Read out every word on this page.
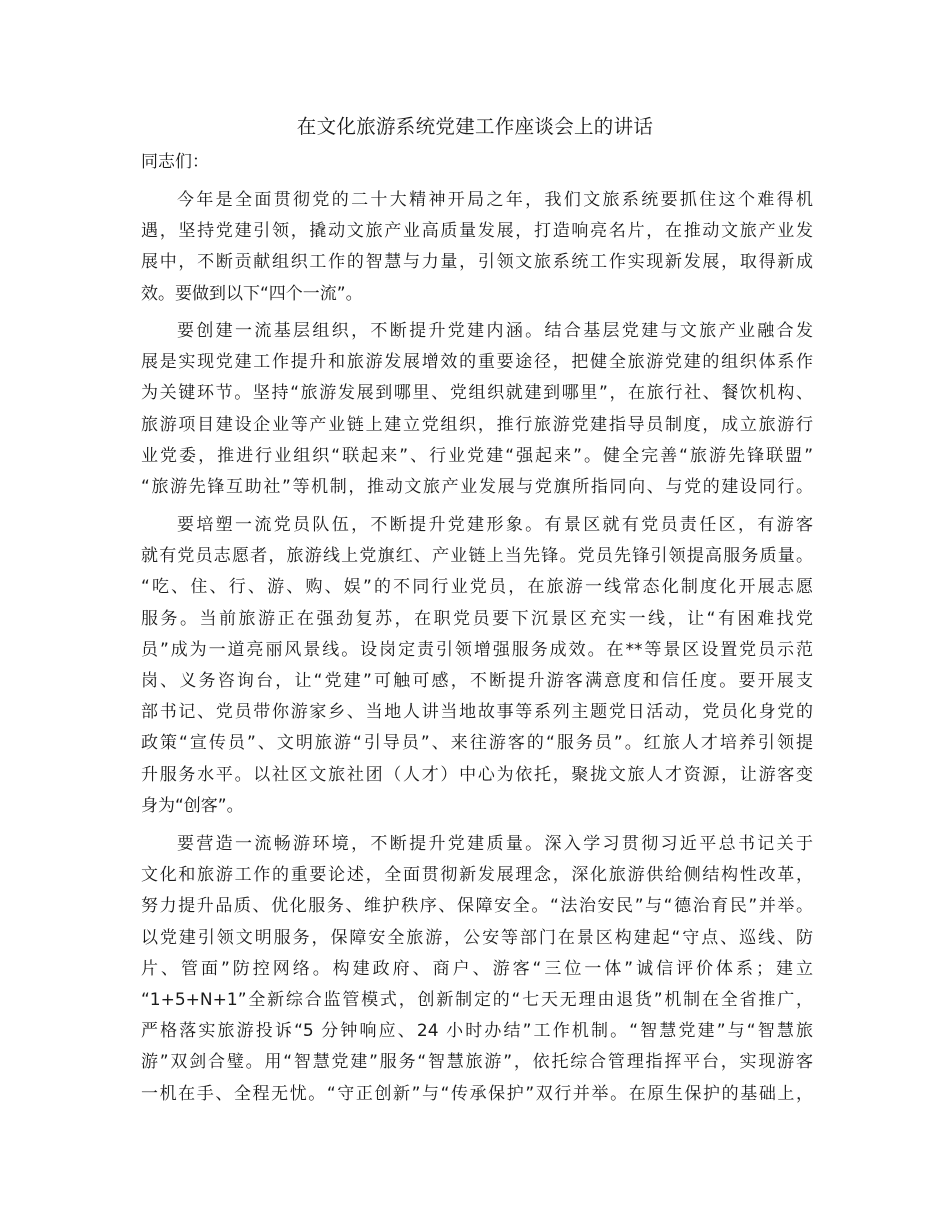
在文化旅游系统党建工作座谈会上的讲话

同志们：

今年是全面贯彻党的二十大精神开局之年，我们文旅系统要抓住这个难得机
遇，坚持党建引领，撬动文旅产业高质量发展，打造响亮名片，在推动文旅产业发
展中，不断贡献组织工作的智慧与力量，引领文旅系统工作实现新发展，取得新成
效。要做到以下“四个一流”。
要创建一流基层组织，不断提升党建内涵。结合基层党建与文旅产业融合发
展是实现党建工作提升和旅游发展增效的重要途径，把健全旅游党建的组织体系作
为关键环节。坚持“旅游发展到哪里、党组织就建到哪里”，在旅行社、餐饮机构、
旅游项目建设企业等产业链上建立党组织，推行旅游党建指导员制度，成立旅游行
业党委，推进行业组织“联起来”、行业党建“强起来”。健全完善“旅游先锋联盟”
“旅游先锋互助社”等机制，推动文旅产业发展与党旗所指同向、与党的建设同行。
要培塑一流党员队伍，不断提升党建形象。有景区就有党员责任区，有游客
就有党员志愿者，旅游线上党旗红、产业链上当先锋。党员先锋引领提高服务质量。
“吃、住、行、游、购、娱”的不同行业党员，在旅游一线常态化制度化开展志愿
服务。当前旅游正在强劲复苏，在职党员要下沉景区充实一线，让“有困难找党
员”成为一道亮丽风景线。设岗定责引领增强服务成效。在**等景区设置党员示范
岗、义务咨询台，让“党建”可触可感，不断提升游客满意度和信任度。要开展支
部书记、党员带你游家乡、当地人讲当地故事等系列主题党日活动，党员化身党的
政策“宣传员”、文明旅游“引导员”、来往游客的“服务员”。红旅人才培养引领提
升服务水平。以社区文旅社团（人才）中心为依托，聚拢文旅人才资源，让游客变
身为“创客”。
要营造一流畅游环境，不断提升党建质量。深入学习贯彻习近平总书记关于
文化和旅游工作的重要论述，全面贯彻新发展理念，深化旅游供给侧结构性改革，
努力提升品质、优化服务、维护秩序、保障安全。“法治安民”与“德治育民”并举。
以党建引领文明服务，保障安全旅游，公安等部门在景区构建起“守点、巡线、防
片、管面”防控网络。构建政府、商户、游客“三位一体”诚信评价体系；建立
“1+5+N+1”全新综合监管模式，创新制定的“七天无理由退货”机制在全省推广，
严格落实旅游投诉“5 分钟响应、24 小时办结”工作机制。“智慧党建”与“智慧旅
游”双剑合璧。用“智慧党建”服务“智慧旅游”，依托综合管理指挥平台，实现游客
一机在手、全程无忧。“守正创新”与“传承保护”双行并举。在原生保护的基础上，
